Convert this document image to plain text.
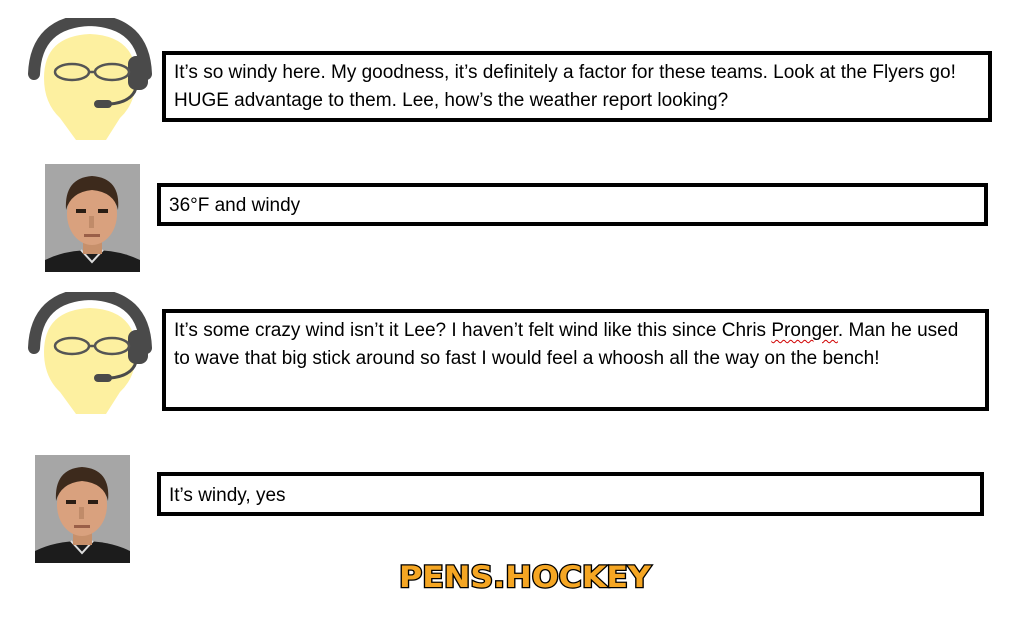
It’s so windy here. My goodness, it’s definitely a factor for these teams. Look at the Flyers go! HUGE advantage to them. Lee, how’s the weather report looking?
36°F and windy
It’s some crazy wind isn’t it Lee? I haven’t felt wind like this since Chris Pronger. Man he used to wave that big stick around so fast I would feel a whoosh all the way on the bench!
It’s windy, yes
PENS.HOCKEY
